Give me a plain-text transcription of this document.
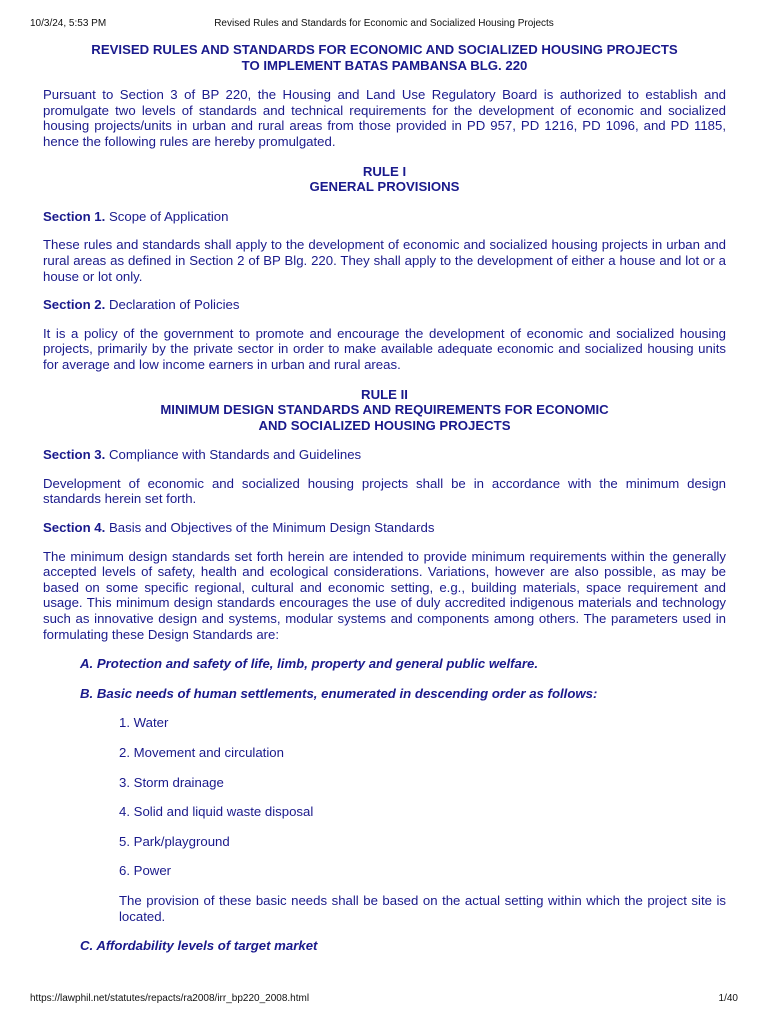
10/3/24, 5:53 PM	Revised Rules and Standards for Economic and Socialized Housing Projects

REVISED RULES AND STANDARDS FOR ECONOMIC AND SOCIALIZED HOUSING PROJECTS

TO IMPLEMENT BATAS PAMBANSA BLG. 220

Pursuant to Section 3 of BP 220, the Housing and Land Use Regulatory Board is authorized to establish and promulgate two levels of standards and technical requirements for the development of economic and socialized housing projects/units in urban and rural areas from those provided in PD 957, PD 1216, PD 1096, and PD 1185, hence the following rules are hereby promulgated.

RULE I

GENERAL PROVISIONS

Section 1. Scope of Application

These rules and standards shall apply to the development of economic and socialized housing projects in urban and rural areas as defined in Section 2 of BP Blg. 220. They shall apply to the development of either a house and lot or a house or lot only.

Section 2. Declaration of Policies

It is a policy of the government to promote and encourage the development of economic and socialized housing projects, primarily by the private sector in order to make available adequate economic and socialized housing units for average and low income earners in urban and rural areas.

RULE II

MINIMUM DESIGN STANDARDS AND REQUIREMENTS FOR ECONOMIC

AND SOCIALIZED HOUSING PROJECTS

Section 3. Compliance with Standards and Guidelines

Development of economic and socialized housing projects shall be in accordance with the minimum design standards herein set forth.

Section 4. Basis and Objectives of the Minimum Design Standards

The minimum design standards set forth herein are intended to provide minimum requirements within the generally accepted levels of safety, health and ecological considerations. Variations, however are also possible, as may be based on some specific regional, cultural and economic setting, e.g., building materials, space requirement and usage. This minimum design standards encourages the use of duly accredited indigenous materials and technology such as innovative design and systems, modular systems and components among others. The parameters used in formulating these Design Standards are:

A. Protection and safety of life, limb, property and general public welfare.

B. Basic needs of human settlements, enumerated in descending order as follows:

1. Water

2. Movement and circulation

3. Storm drainage

4. Solid and liquid waste disposal

5. Park/playground

6. Power

The provision of these basic needs shall be based on the actual setting within which the project site is located.

C. Affordability levels of target market

https://lawphil.net/statutes/repacts/ra2008/irr_bp220_2008.html	1/40
